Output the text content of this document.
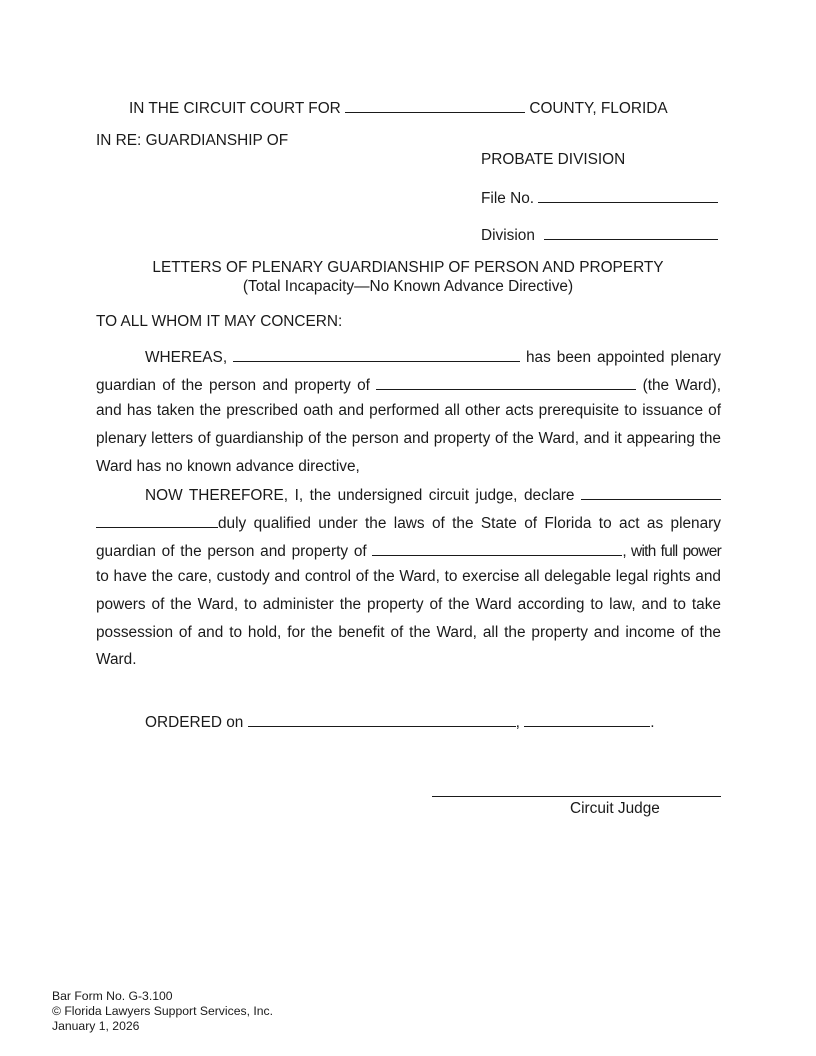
IN THE CIRCUIT COURT FOR	COUNTY, FLORIDA
IN RE: GUARDIANSHIP OF
PROBATE DIVISION
File No.
Division
LETTERS OF PLENARY GUARDIANSHIP OF PERSON AND PROPERTY
(Total Incapacity—No Known Advance Directive)
TO ALL WHOM IT MAY CONCERN:
WHEREAS,	has been appointed plenary
guardian of the person and property of	(the Ward),
and has taken the prescribed oath and performed all other acts prerequisite to issuance of
plenary letters of guardianship of the person and property of the Ward, and it appearing the
Ward has no known advance directive,
NOW THEREFORE, I, the undersigned circuit judge, declare
duly qualified under the laws of the State of Florida to act as plenary
guardian of the person and property of	, with full power
to have the care, custody and control of the Ward, to exercise all delegable legal rights and
powers of the Ward, to administer the property of the Ward according to law, and to take
possession of and to hold, for the benefit of the Ward, all the property and income of the
Ward.
ORDERED on	,	.
Circuit Judge
Bar Form No. G-3.100
© Florida Lawyers Support Services, Inc.
January 1, 2026
